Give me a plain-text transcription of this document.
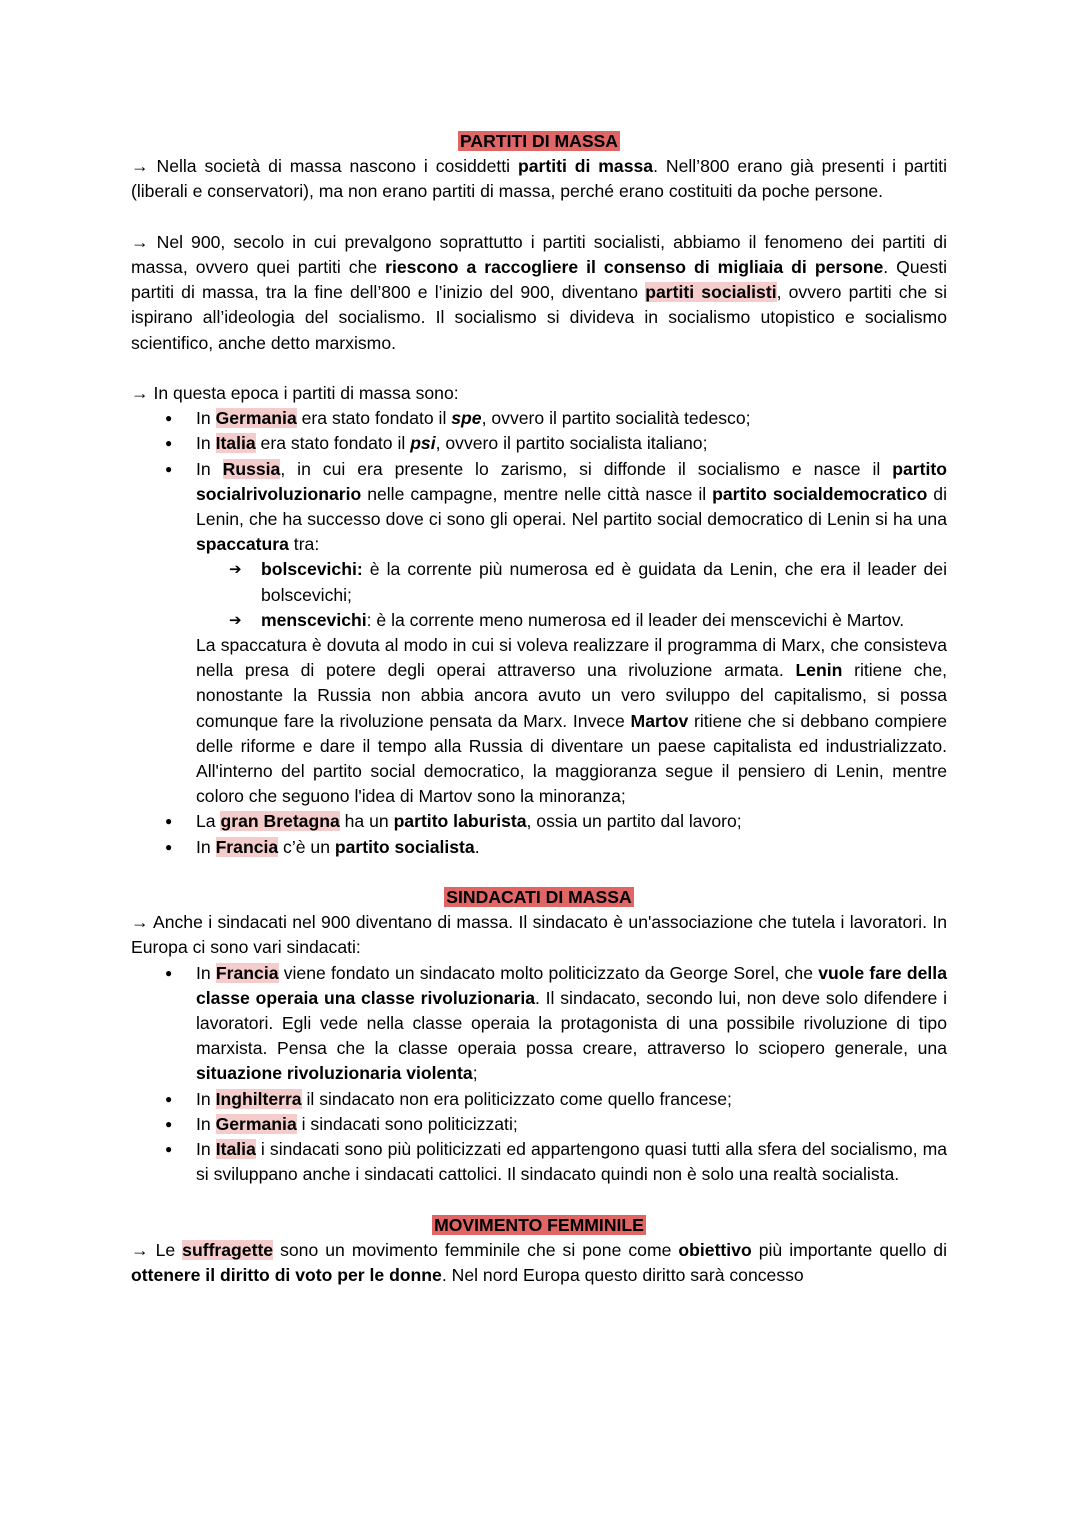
PARTITI DI MASSA

→ Nella società di massa nascono i cosiddetti partiti di massa. Nell’800 erano già presenti i partiti (liberali e conservatori), ma non erano partiti di massa, perché erano costituiti da poche persone.

→ Nel 900, secolo in cui prevalgono soprattutto i partiti socialisti, abbiamo il fenomeno dei partiti di massa, ovvero quei partiti che riescono a raccogliere il consenso di migliaia di persone. Questi partiti di massa, tra la fine dell’800 e l’inizio del 900, diventano partiti socialisti, ovvero partiti che si ispirano all’ideologia del socialismo. Il socialismo si divideva in socialismo utopistico e socialismo scientifico, anche detto marxismo.

→ In questa epoca i partiti di massa sono:

● In Germania era stato fondato il spe, ovvero il partito socialità tedesco;
● In Italia era stato fondato il psi, ovvero il partito socialista italiano;
● In Russia, in cui era presente lo zarismo, si diffonde il socialismo e nasce il partito socialrivoluzionario nelle campagne, mentre nelle città nasce il partito socialdemocratico di Lenin, che ha successo dove ci sono gli operai. Nel partito social democratico di Lenin si ha una spaccatura tra:
➔ bolscevichi: è la corrente più numerosa ed è guidata da Lenin, che era il leader dei bolscevichi;
➔ menscevichi: è la corrente meno numerosa ed il leader dei menscevichi è Martov.
La spaccatura è dovuta al modo in cui si voleva realizzare il programma di Marx, che consisteva nella presa di potere degli operai attraverso una rivoluzione armata. Lenin ritiene che, nonostante la Russia non abbia ancora avuto un vero sviluppo del capitalismo, si possa comunque fare la rivoluzione pensata da Marx. Invece Martov ritiene che si debbano compiere delle riforme e dare il tempo alla Russia di diventare un paese capitalista ed industrializzato. All'interno del partito social democratico, la maggioranza segue il pensiero di Lenin, mentre coloro che seguono l'idea di Martov sono la minoranza;
● La gran Bretagna ha un partito laburista, ossia un partito dal lavoro;
● In Francia c’è un partito socialista.
SINDACATI DI MASSA

→ Anche i sindacati nel 900 diventano di massa. Il sindacato è un'associazione che tutela i lavoratori. In Europa ci sono vari sindacati:

● In Francia viene fondato un sindacato molto politicizzato da George Sorel, che vuole fare della classe operaia una classe rivoluzionaria. Il sindacato, secondo lui, non deve solo difendere i lavoratori. Egli vede nella classe operaia la protagonista di una possibile rivoluzione di tipo marxista. Pensa che la classe operaia possa creare, attraverso lo sciopero generale, una situazione rivoluzionaria violenta;
● In Inghilterra il sindacato non era politicizzato come quello francese;
● In Germania i sindacati sono politicizzati;
● In Italia i sindacati sono più politicizzati ed appartengono quasi tutti alla sfera del socialismo, ma si sviluppano anche i sindacati cattolici. Il sindacato quindi non è solo una realtà socialista.
MOVIMENTO FEMMINILE

→ Le suffragette sono un movimento femminile che si pone come obiettivo più importante quello di ottenere il diritto di voto per le donne. Nel nord Europa questo diritto sarà concesso
